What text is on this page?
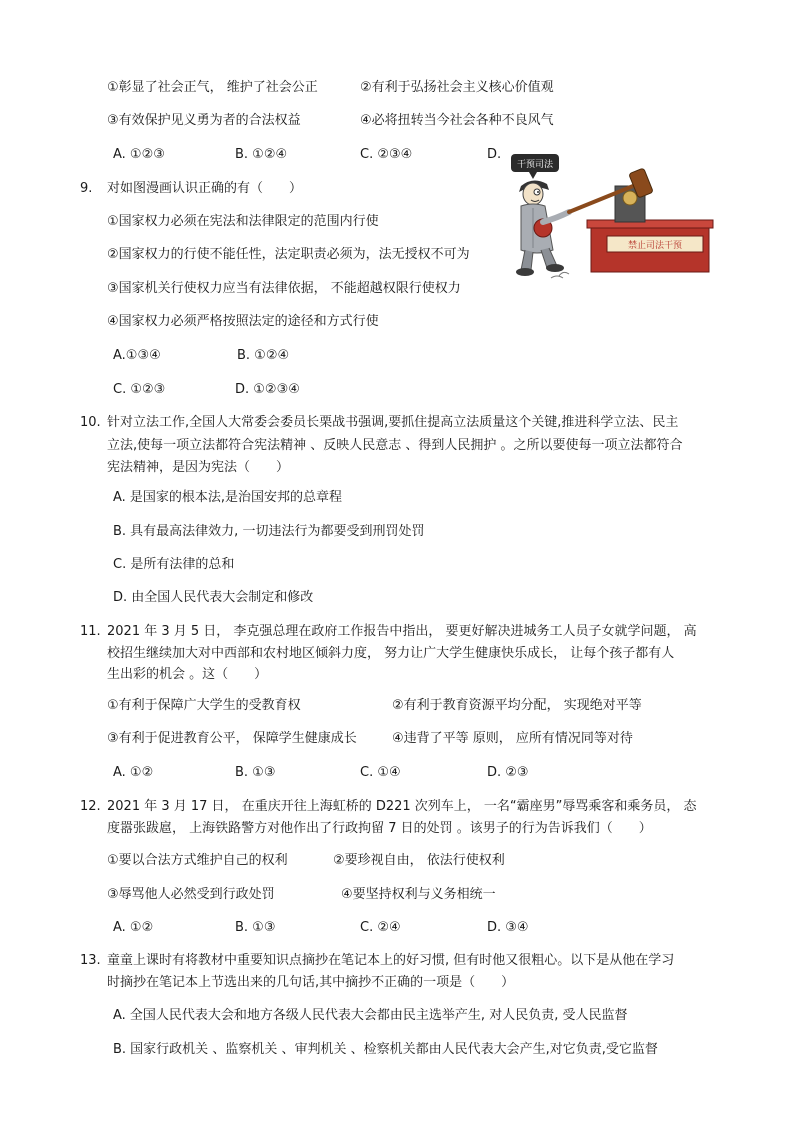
①彰显了社会正气， 维护了社会公正	②有利于弘扬社会主义核心价值观
③有效保护见义勇为者的合法权益	④必将扭转当今社会各种不良风气
A. ①②③	B. ①②④	C. ②③④	D.
9. 对如图漫画认识正确的有（　　）
①国家权力必须在宪法和法律限定的范围内行使
②国家权力的行使不能任性，法定职责必须为，法无授权不可为
③国家机关行使权力应当有法律依据， 不能超越权限行使权力
④国家权力必须严格按照法定的途径和方式行使
A.①③④	B. ①②④
C. ①②③	D. ①②③④
干预司法
禁止司法干预
10. 针对立法工作,全国人大常委会委员长栗战书强调,要抓住提高立法质量这个关键,推进科学立法、民主
立法,使每一项立法都符合宪法精神 、反映人民意志 、得到人民拥护 。之所以要使每一项立法都符合
宪法精神，是因为宪法（　　）
A. 是国家的根本法,是治国安邦的总章程
B. 具有最高法律效力, 一切违法行为都要受到刑罚处罚
C. 是所有法律的总和
D. 由全国人民代表大会制定和修改
11. 2021 年 3 月 5 日， 李克强总理在政府工作报告中指出， 要更好解决进城务工人员子女就学问题， 高
校招生继续加大对中西部和农村地区倾斜力度， 努力让广大学生健康快乐成长， 让每个孩子都有人
生出彩的机会 。这（　　）
①有利于保障广大学生的受教育权	②有利于教育资源平均分配， 实现绝对平等
③有利于促进教育公平， 保障学生健康成长	④违背了平等 原则， 应所有情况同等对待
A. ①②	B. ①③	C. ①④	D. ②③
12. 2021 年 3 月 17 日， 在重庆开往上海虹桥的 D221 次列车上， 一名“霸座男”辱骂乘客和乘务员， 态
度嚣张跋扈， 上海铁路警方对他作出了行政拘留 7 日的处罚 。该男子的行为告诉我们（　　）
①要以合法方式维护自己的权利	②要珍视自由， 依法行使权利
③辱骂他人必然受到行政处罚	④要坚持权利与义务相统一
A. ①②	B. ①③	C. ②④	D. ③④
13. 童童上课时有将教材中重要知识点摘抄在笔记本上的好习惯, 但有时他又很粗心。以下是从他在学习
时摘抄在笔记本上节选出来的几句话,其中摘抄不正确的一项是（　　）
A. 全国人民代表大会和地方各级人民代表大会都由民主选举产生, 对人民负责, 受人民监督
B. 国家行政机关 、监察机关 、审判机关 、检察机关都由人民代表大会产生,对它负责,受它监督
